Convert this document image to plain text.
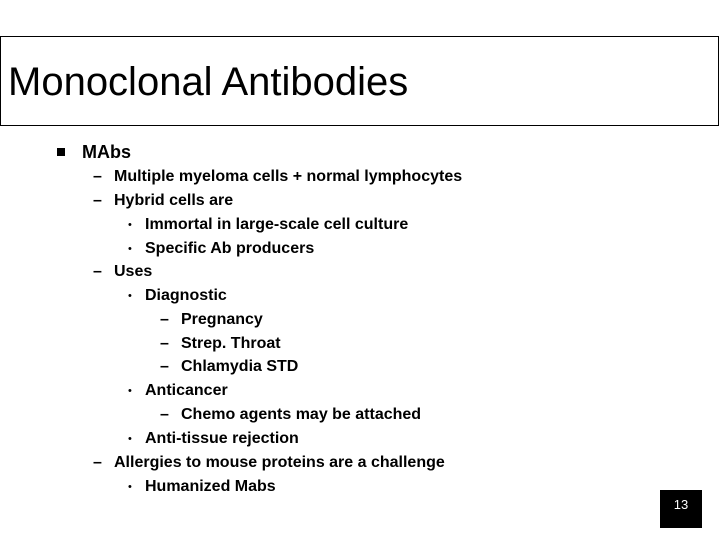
Monoclonal Antibodies
MAbs
– Multiple myeloma cells + normal lymphocytes
– Hybrid cells are
• Immortal in large-scale cell culture
• Specific Ab producers
– Uses
• Diagnostic
– Pregnancy
– Strep. Throat
– Chlamydia STD
• Anticancer
– Chemo agents may be attached
• Anti-tissue rejection
– Allergies to mouse proteins are a challenge
• Humanized Mabs
13
